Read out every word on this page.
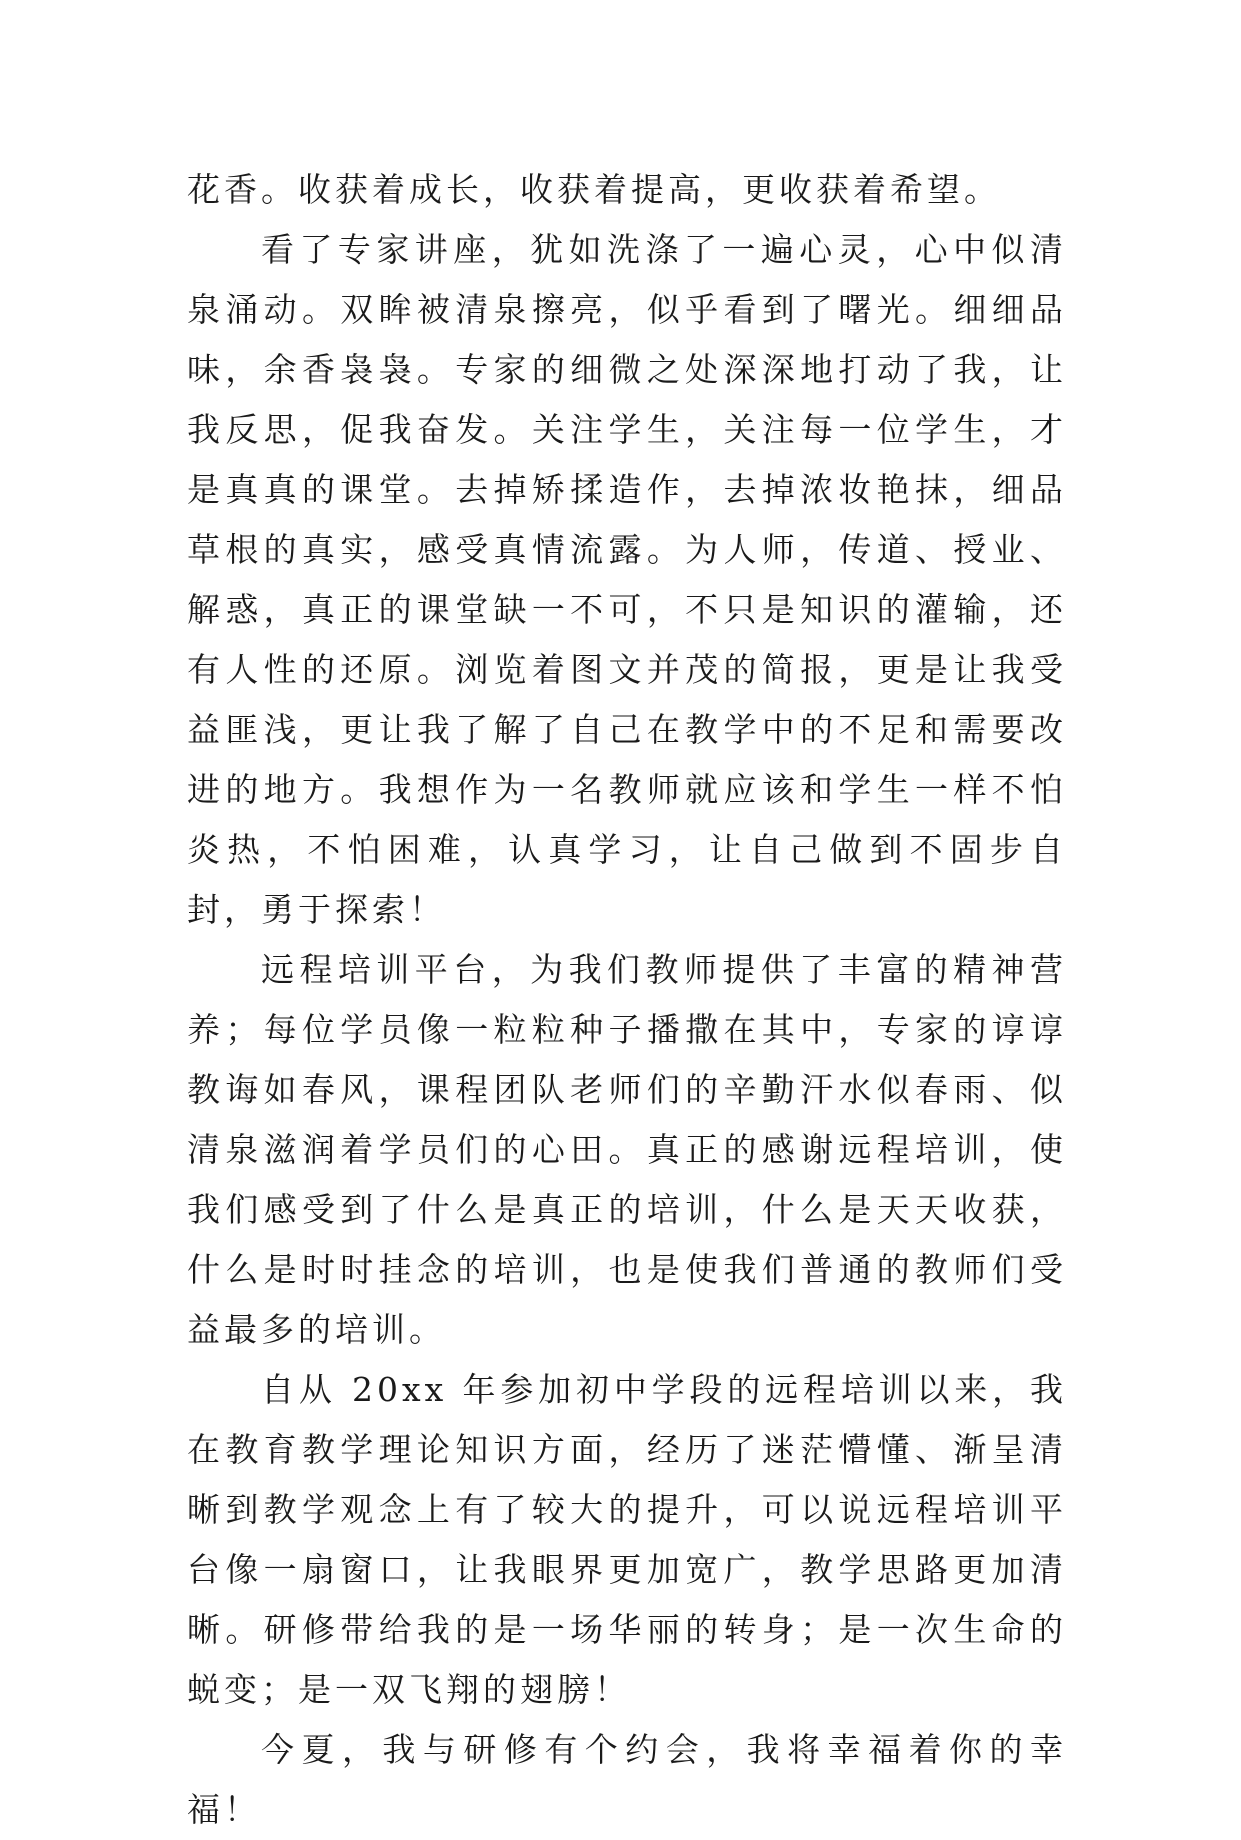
花香。收获着成长，收获着提高，更收获着希望。

看了专家讲座，犹如洗涤了一遍心灵，心中似清泉涌动。双眸被清泉擦亮，似乎看到了曙光。细细品味，余香袅袅。专家的细微之处深深地打动了我，让我反思，促我奋发。关注学生，关注每一位学生，才是真真的课堂。去掉矫揉造作，去掉浓妆艳抹，细品草根的真实，感受真情流露。为人师，传道、授业、解惑，真正的课堂缺一不可，不只是知识的灌输，还有人性的还原。浏览着图文并茂的简报，更是让我受益匪浅，更让我了解了自己在教学中的不足和需要改进的地方。我想作为一名教师就应该和学生一样不怕炎热，不怕困难，认真学习，让自己做到不固步自封，勇于探索！

远程培训平台，为我们教师提供了丰富的精神营养；每位学员像一粒粒种子播撒在其中，专家的谆谆教诲如春风，课程团队老师们的辛勤汗水似春雨、似清泉滋润着学员们的心田。真正的感谢远程培训，使我们感受到了什么是真正的培训，什么是天天收获，什么是时时挂念的培训，也是使我们普通的教师们受益最多的培训。

自从 20xx 年参加初中学段的远程培训以来，我在教育教学理论知识方面，经历了迷茫懵懂、渐呈清晰到教学观念上有了较大的提升，可以说远程培训平台像一扇窗口，让我眼界更加宽广，教学思路更加清晰。研修带给我的是一场华丽的转身；是一次生命的蜕变；是一双飞翔的翅膀！

今夏，我与研修有个约会，我将幸福着你的幸福！
